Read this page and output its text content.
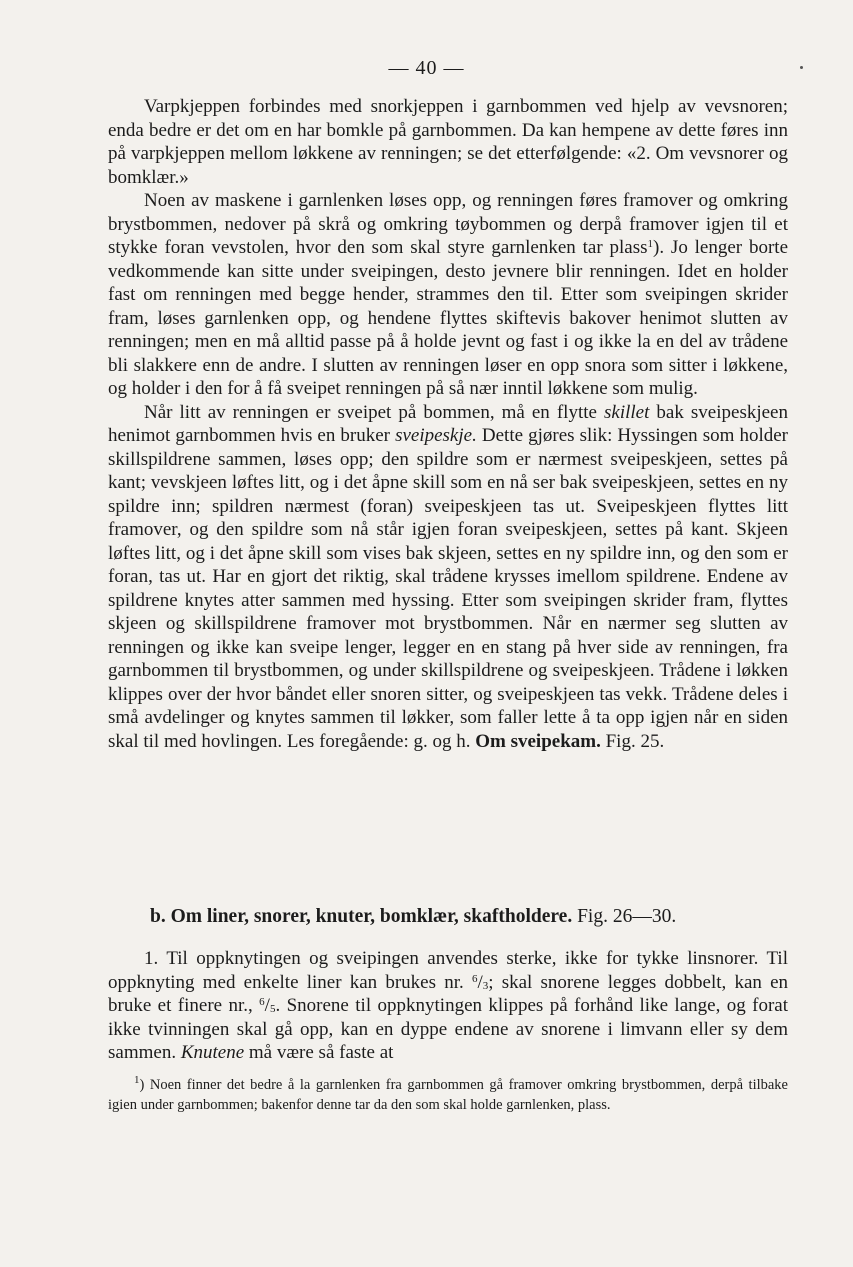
— 40 —

Varpkjeppen forbindes med snorkjeppen i garnbommen ved hjelp av vevsnoren; enda bedre er det om en har bomkle på garnbommen. Da kan hempene av dette føres inn på varpkjeppen mellom løkkene av renningen; se det etterfølgende: «2. Om vevsnorer og bomklær.»

Noen av maskene i garnlenken løses opp, og renningen føres framover og omkring brystbommen, nedover på skrå og omkring tøybommen og derpå framover igjen til et stykke foran vevstolen, hvor den som skal styre garnlenken tar plass$^1$). Jo lenger borte vedkommende kan sitte under sveipingen, desto jevnere blir renningen. Idet en holder fast om renningen med begge hender, strammes den til. Etter som sveipingen skrider fram, løses garnlenken opp, og hendene flyttes skiftevis bakover henimot slutten av renningen; men en må alltid passe på å holde jevnt og fast i og ikke la en del av trådene bli slakkere enn de andre. I slutten av renningen løser en opp snora som sitter i løkkene, og holder i den for å få sveipet renningen på så nær inntil løkkene som mulig.

Når litt av renningen er sveipet på bommen, må en flytte skillet bak sveipeskjeen henimot garnbommen hvis en bruker sveipeskje. Dette gjøres slik: Hyssingen som holder skillspildrene sammen, løses opp; den spildre som er nærmest sveipeskjeen, settes på kant; vevskjeen løftes litt, og i det åpne skill som en nå ser bak sveipeskjeen, settes en ny spildre inn; spildren nærmest (foran) sveipeskjeen tas ut. Sveipeskjeen flyttes litt framover, og den spildre som nå står igjen foran sveipeskjeen, settes på kant. Skjeen løftes litt, og i det åpne skill som vises bak skjeen, settes en ny spildre inn, og den som er foran, tas ut. Har en gjort det riktig, skal trådene krysses imellom spildrene. Endene av spildrene knytes atter sammen med hyssing. Etter som sveipingen skrider fram, flyttes skjeen og skillspildrene framover mot brystbommen. Når en nærmer seg slutten av renningen og ikke kan sveipe lenger, legger en en stang på hver side av renningen, fra garnbommen til brystbommen, og under skillspildrene og sveipeskjeen. Trådene i løkken klippes over der hvor båndet eller snoren sitter, og sveipeskjeen tas vekk. Trådene deles i små avdelinger og knytes sammen til løkker, som faller lette å ta opp igjen når en siden skal til med hovlingen. Les foregående: g. og h. Om sveipekam. Fig. 25.

b. Om liner, snorer, knuter, bomklær, skaftholdere. Fig. 26—30.

1. Til oppknytingen og sveipingen anvendes sterke, ikke for tykke linsnorer. Til oppknyting med enkelte liner kan brukes nr. $^6/_3$; skal snorene legges dobbelt, kan en bruke et finere nr., $^6/_5$. Snorene til oppknytingen klippes på forhånd like lange, og forat ikke tvinningen skal gå opp, kan en dyppe endene av snorene i limvann eller sy dem sammen. Knutene må være så faste at

$^1$) Noen finner det bedre å la garnlenken fra garnbommen gå framover omkring brystbommen, derpå tilbake igien under garnbommen; bakenfor denne tar da den som skal holde garnlenken, plass.
